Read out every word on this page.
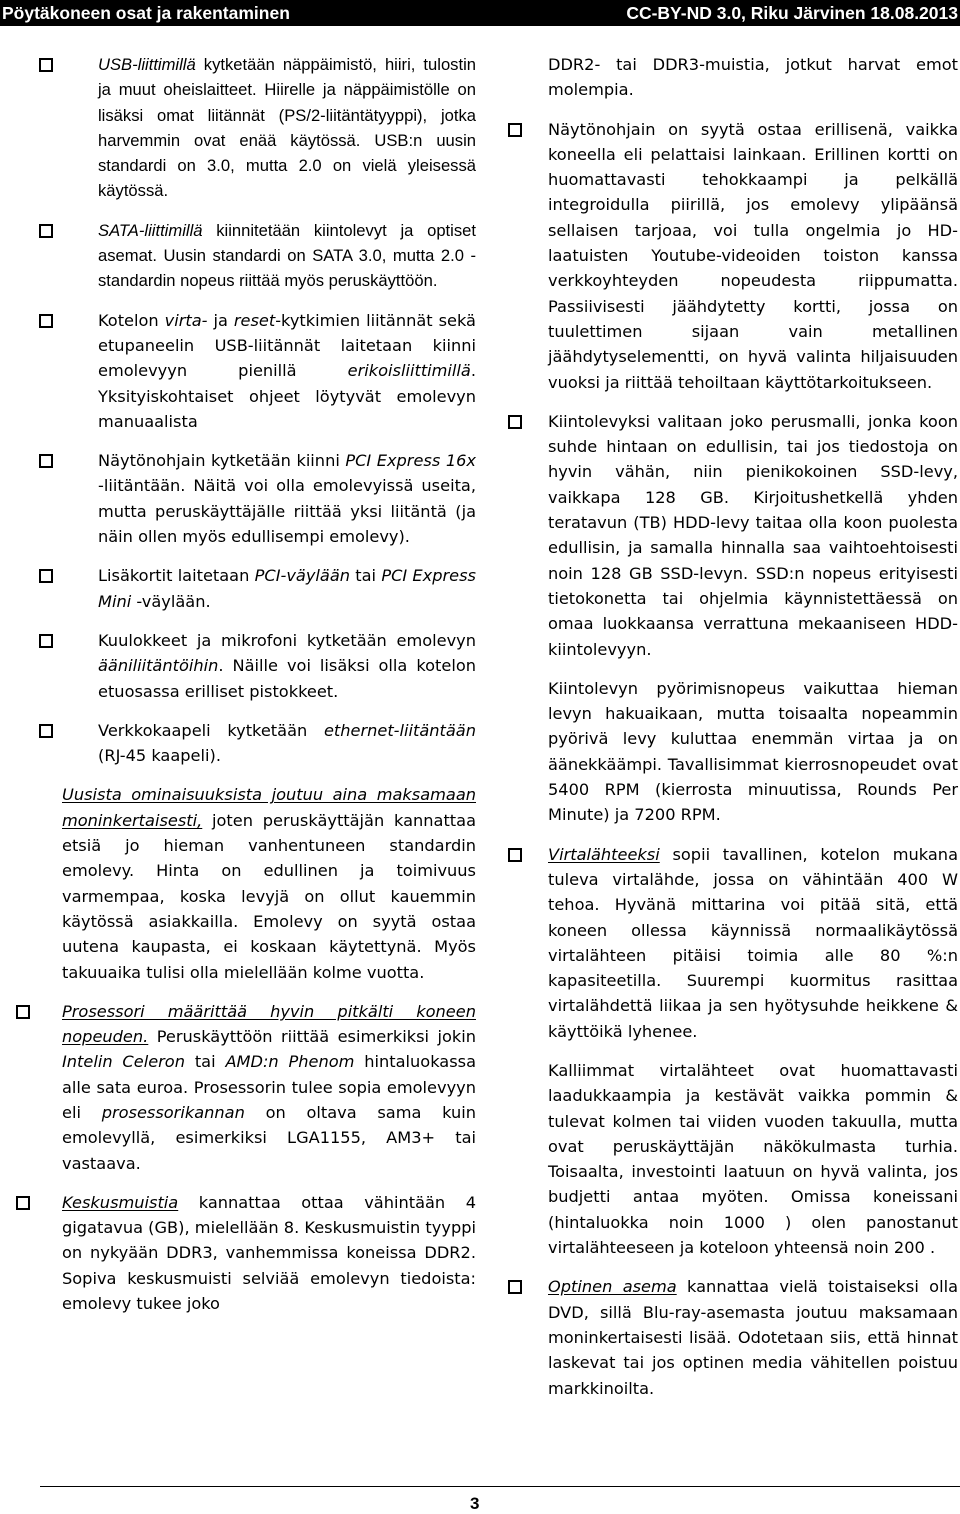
Pöytäkoneen osat ja rakentaminen	CC-BY-ND 3.0, Riku Järvinen 18.08.2013
USB-liittimillä kytketään näppäimistö, hiiri, tulostin ja muut oheislaitteet. Hiirelle ja näppäimistölle on lisäksi omat liitännät (PS/2-liitäntätyyppi), jotka harvemmin ovat enää käytössä. USB:n uusin standardi on 3.0, mutta 2.0 on vielä yleisessä käytössä.
SATA-liittimillä kiinnitetään kiintolevyt ja optiset asemat. Uusin standardi on SATA 3.0, mutta 2.0 -standardin nopeus riittää myös peruskäyttöön.
Kotelon virta- ja reset-kytkimien liitännät sekä etupaneelin USB-liitännät laitetaan kiinni emolevyyn pienillä erikoisliittimillä. Yksityiskohtaiset ohjeet löytyvät emolevyn manuaalista
Näytönohjain kytketään kiinni PCI Express 16x -liitäntään. Näitä voi olla emolevyissä useita, mutta peruskäyttäjälle riittää yksi liitäntä (ja näin ollen myös edullisempi emolevy).
Lisäkortit laitetaan PCI-väylään tai PCI Express Mini -väylään.
Kuulokkeet ja mikrofoni kytketään emolevyn ääniliitäntöihin. Näille voi lisäksi olla kotelon etuosassa erilliset pistokkeet.
Verkkokaapeli kytketään ethernet-liitäntään (RJ-45 kaapeli).
Uusista ominaisuuksista joutuu aina maksamaan moninkertaisesti, joten peruskäyttäjän kannattaa etsiä jo hieman vanhentuneen standardin emolevy. Hinta on edullinen ja toimivuus varmempaa, koska levyjä on ollut kauemmin käytössä asiakkailla. Emolevy on syytä ostaa uutena kaupasta, ei koskaan käytettynä. Myös takuuaika tulisi olla mielellään kolme vuotta.
Prosessori määrittää hyvin pitkälti koneen nopeuden. Peruskäyttöön riittää esimerkiksi jokin Intelin Celeron tai AMD:n Phenom hintaluokassa alle sata euroa. Prosessorin tulee sopia emolevyyn eli prosessorikannan on oltava sama kuin emolevyllä, esimerkiksi LGA1155, AM3+ tai vastaava.
Keskusmuistia kannattaa ottaa vähintään 4 gigatavua (GB), mielellään 8. Keskusmuistin tyyppi on nykyään DDR3, vanhemmissa koneissa DDR2. Sopiva keskusmuisti selviää emolevyn tiedoista: emolevy tukee joko
DDR2- tai DDR3-muistia, jotkut harvat emot molempia.
Näytönohjain on syytä ostaa erillisenä, vaikka koneella eli pelattaisi lainkaan. Erillinen kortti on huomattavasti tehokkaampi ja pelkällä integroidulla piirillä, jos emolevy ylipäänsä sellaisen tarjoaa, voi tulla ongelmia jo HD-laatuisten Youtube-videoiden toiston kanssa verkkoyhteyden nopeudesta riippumatta. Passiivisesti jäähdytetty kortti, jossa on tuulettimen sijaan vain metallinen jäähdytyselementti, on hyvä valinta hiljaisuuden vuoksi ja riittää tehoiltaan käyttötarkoitukseen.
Kiintolevyksi valitaan joko perusmalli, jonka koon suhde hintaan on edullisin, tai jos tiedostoja on hyvin vähän, niin pienikokoinen SSD-levy, vaikkapa 128 GB. Kirjoitushetkellä yhden teratavun (TB) HDD-levy taitaa olla koon puolesta edullisin, ja samalla hinnalla saa vaihtoehtoisesti noin 128 GB SSD-levyn. SSD:n nopeus erityisesti tietokonetta tai ohjelmia käynnistettäessä on omaa luokkaansa verrattuna mekaaniseen HDD-kiintolevyyn.
Kiintolevyn pyörimisnopeus vaikuttaa hieman levyn hakuaikaan, mutta toisaalta nopeammin pyörivä levy kuluttaa enemmän virtaa ja on äänekkäämpi. Tavallisimmat kierrosnopeudet ovat 5400 RPM (kierrosta minuutissa, Rounds Per Minute) ja 7200 RPM.
Virtalähteeksi sopii tavallinen, kotelon mukana tuleva virtalähde, jossa on vähintään 400 W tehoa. Hyvänä mittarina voi pitää sitä, että koneen ollessa käynnissä normaalikäytössä virtalähteen pitäisi toimia alle 80 %:n kapasiteetilla. Suurempi kuormitus rasittaa virtalähdettä liikaa ja sen hyötysuhde heikkene & käyttöikä lyhenee.
Kalliimmat virtalähteet ovat huomattavasti laadukkaampia ja kestävät vaikka pommin & tulevat kolmen tai viiden vuoden takuulla, mutta ovat peruskäyttäjän näkökulmasta turhia. Toisaalta, investointi laatuun on hyvä valinta, jos budjetti antaa myöten. Omissa koneissani (hintaluokka noin 1000 ) olen panostanut virtalähteeseen ja koteloon yhteensä noin 200 .
Optinen asema kannattaa vielä toistaiseksi olla DVD, sillä Blu-ray-asemasta joutuu maksamaan moninkertaisesti lisää. Odotetaan siis, että hinnat laskevat tai jos optinen media vähitellen poistuu markkinoilta.
3
